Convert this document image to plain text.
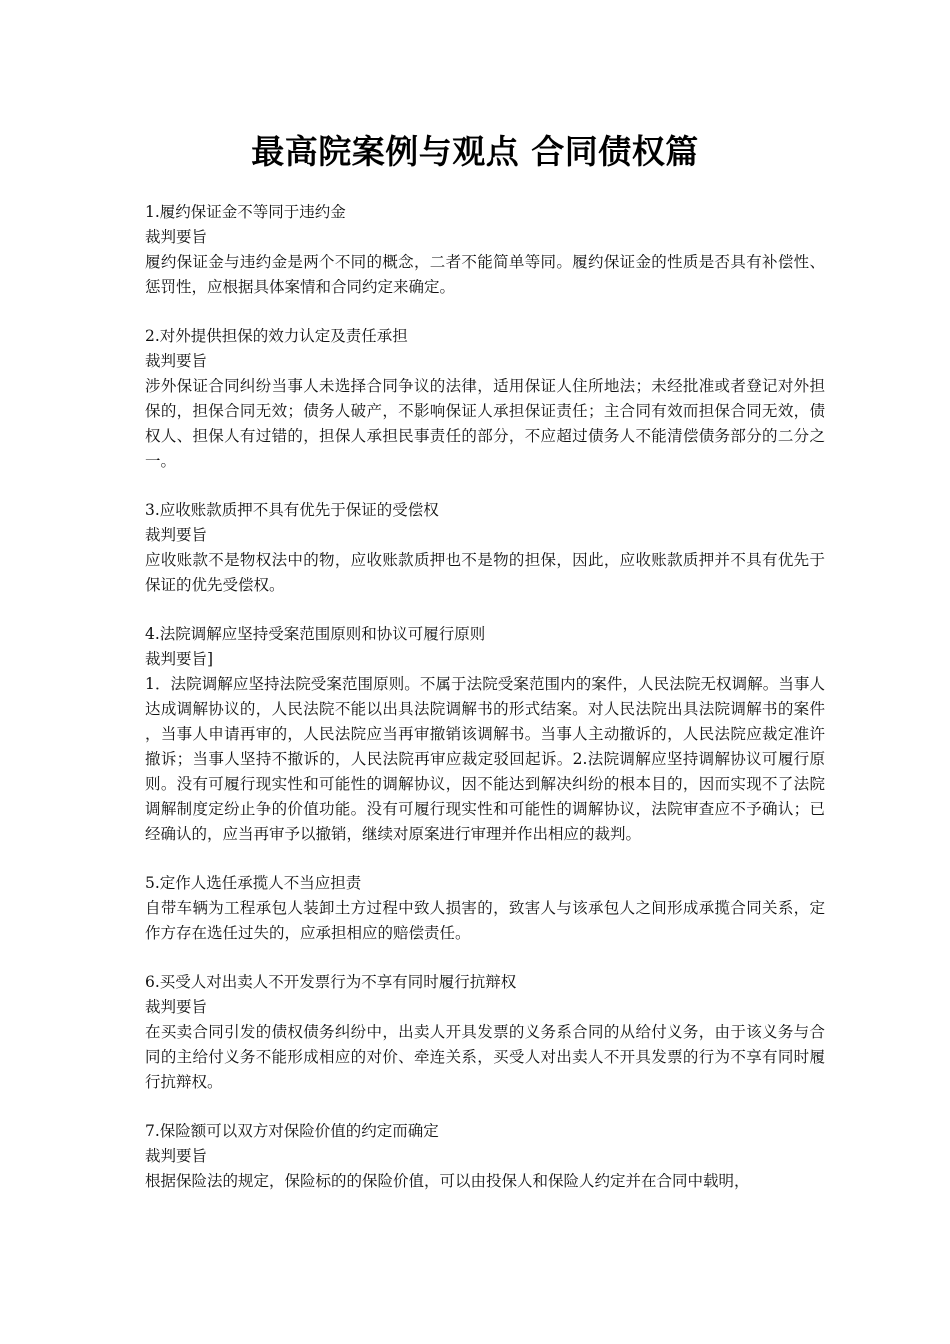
最高院案例与观点 合同债权篇
1.履约保证金不等同于违约金
裁判要旨
履约保证金与违约金是两个不同的概念，二者不能简单等同。履约保证金的性质是否具有补偿性、惩罚性，应根据具体案情和合同约定来确定。
2.对外提供担保的效力认定及责任承担
裁判要旨
涉外保证合同纠纷当事人未选择合同争议的法律，适用保证人住所地法；未经批准或者登记对外担保的，担保合同无效；债务人破产，不影响保证人承担保证责任；主合同有效而担保合同无效，债权人、担保人有过错的，担保人承担民事责任的部分，不应超过债务人不能清偿债务部分的二分之一。
3.应收账款质押不具有优先于保证的受偿权
裁判要旨
应收账款不是物权法中的物，应收账款质押也不是物的担保，因此，应收账款质押并不具有优先于保证的优先受偿权。
4.法院调解应坚持受案范围原则和协议可履行原则
裁判要旨]
1．法院调解应坚持法院受案范围原则。不属于法院受案范围内的案件，人民法院无权调解。当事人达成调解协议的，人民法院不能以出具法院调解书的形式结案。对人民法院出具法院调解书的案件，当事人申请再审的，人民法院应当再审撤销该调解书。当事人主动撤诉的，人民法院应裁定准许撤诉；当事人坚持不撤诉的，人民法院再审应裁定驳回起诉。2.法院调解应坚持调解协议可履行原则。没有可履行现实性和可能性的调解协议，因不能达到解决纠纷的根本目的，因而实现不了法院调解制度定纷止争的价值功能。没有可履行现实性和可能性的调解协议，法院审查应不予确认；已经确认的，应当再审予以撤销，继续对原案进行审理并作出相应的裁判。
5.定作人选任承揽人不当应担责
自带车辆为工程承包人装卸土方过程中致人损害的，致害人与该承包人之间形成承揽合同关系，定作方存在选任过失的，应承担相应的赔偿责任。
6.买受人对出卖人不开发票行为不享有同时履行抗辩权
裁判要旨
在买卖合同引发的债权债务纠纷中，出卖人开具发票的义务系合同的从给付义务，由于该义务与合同的主给付义务不能形成相应的对价、牵连关系，买受人对出卖人不开具发票的行为不享有同时履行抗辩权。
7.保险额可以双方对保险价值的约定而确定
裁判要旨
根据保险法的规定，保险标的的保险价值，可以由投保人和保险人约定并在合同中载明，
